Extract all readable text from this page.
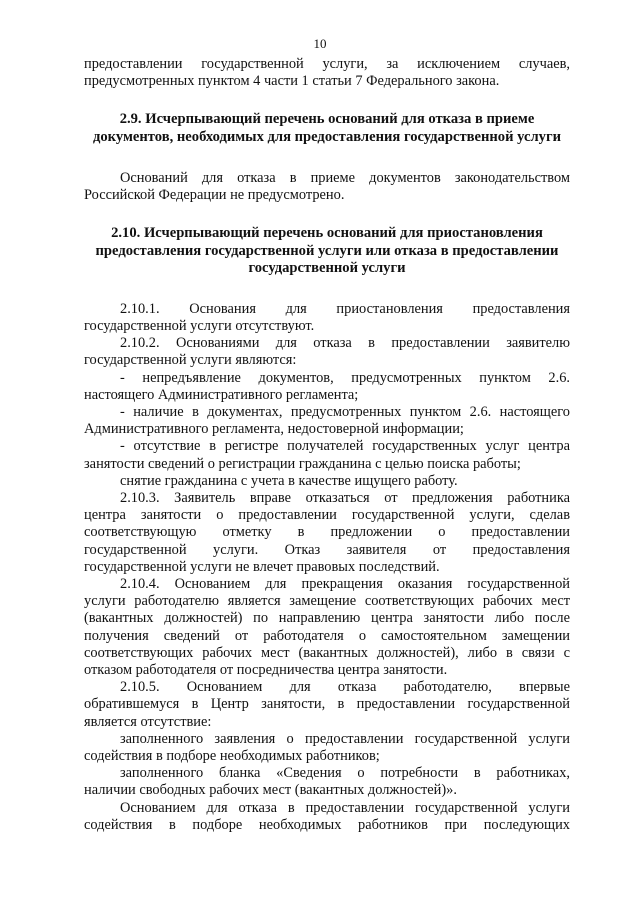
10
предоставлении государственной услуги, за исключением случаев,
предусмотренных пунктом 4 части 1 статьи 7 Федерального закона.
2.9. Исчерпывающий перечень оснований для отказа в приеме
документов, необходимых для предоставления государственной услуги
Оснований для отказа в приеме документов законодательством
Российской Федерации не предусмотрено.
2.10. Исчерпывающий перечень оснований для приостановления
предоставления государственной услуги или отказа в предоставлении
государственной услуги
2.10.1. Основания для приостановления предоставления
государственной услуги отсутствуют.
2.10.2. Основаниями для отказа в предоставлении заявителю
государственной услуги являются:
- непредъявление документов, предусмотренных пунктом 2.6.
настоящего Административного регламента;
- наличие в документах, предусмотренных пунктом 2.6. настоящего
Административного регламента, недостоверной информации;
- отсутствие в регистре получателей государственных услуг центра
занятости сведений о регистрации гражданина с целью поиска работы;
снятие гражданина с учета в качестве ищущего работу.
2.10.3. Заявитель вправе отказаться от предложения работника
центра занятости о предоставлении государственной услуги, сделав
соответствующую отметку в предложении о предоставлении
государственной услуги. Отказ заявителя от предоставления
государственной услуги не влечет правовых последствий.
2.10.4. Основанием для прекращения оказания государственной
услуги работодателю является замещение соответствующих рабочих мест
(вакантных должностей) по направлению центра занятости либо после
получения сведений от работодателя о самостоятельном замещении
соответствующих рабочих мест (вакантных должностей), либо в связи с
отказом работодателя от посредничества центра занятости.
2.10.5. Основанием для отказа работодателю, впервые
обратившемуся в Центр занятости, в предоставлении государственной
является отсутствие:
заполненного заявления о предоставлении государственной услуги
содействия в подборе необходимых работников;
заполненного бланка «Сведения о потребности в работниках,
наличии свободных рабочих мест (вакантных должностей)».
Основанием для отказа в предоставлении государственной услуги
содействия в подборе необходимых работников при последующих
